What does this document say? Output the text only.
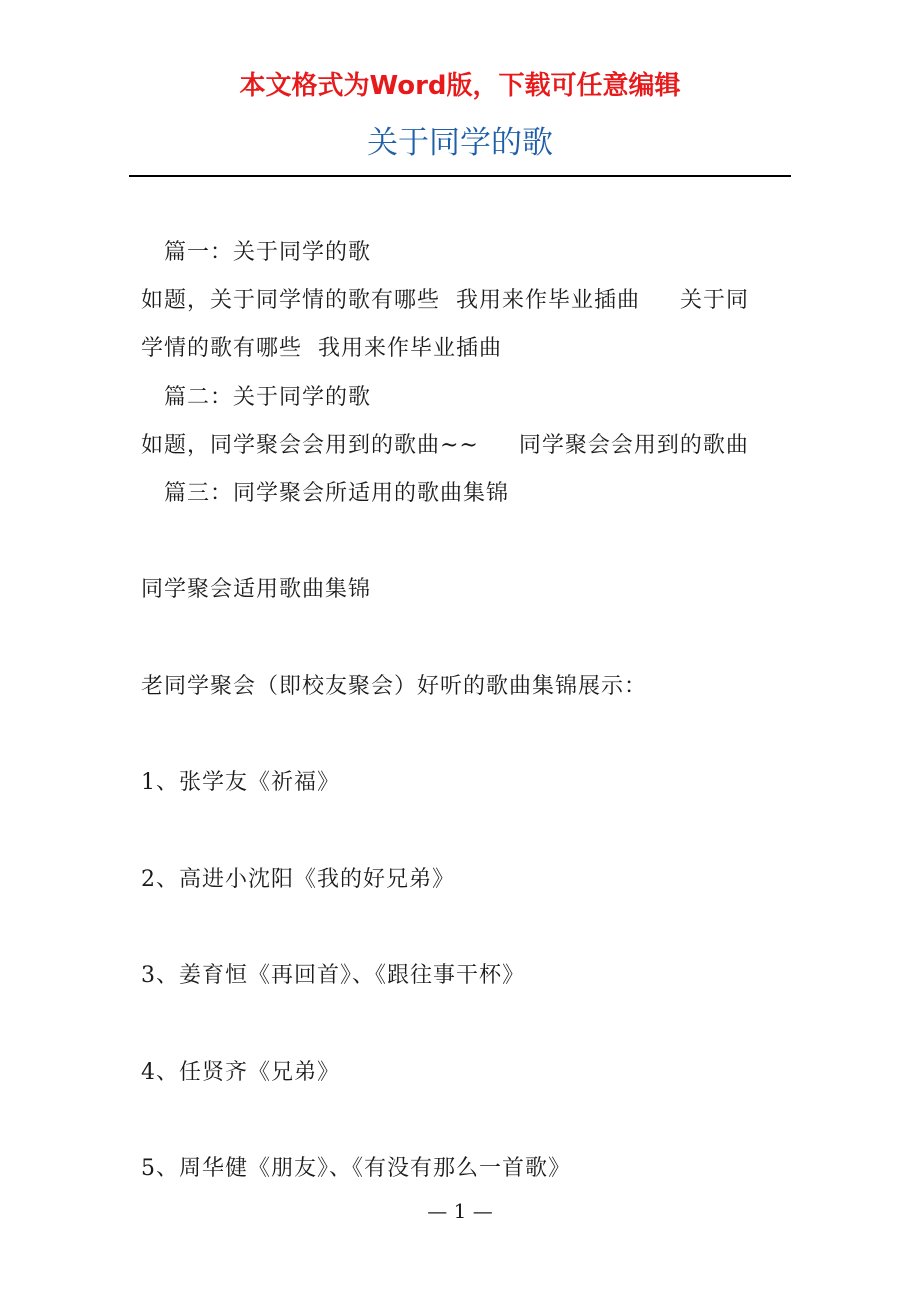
本文格式为Word版，下载可任意编辑
关于同学的歌
篇一：关于同学的歌
如题，关于同学情的歌有哪些  我用来作毕业插曲     关于同
学情的歌有哪些  我用来作毕业插曲
篇二：关于同学的歌
如题，同学聚会会用到的歌曲~~     同学聚会会用到的歌曲
篇三：同学聚会所适用的歌曲集锦
同学聚会适用歌曲集锦
老同学聚会（即校友聚会）好听的歌曲集锦展示：
1、张学友《祈福》
2、高进小沈阳《我的好兄弟》
3、姜育恒《再回首》、《跟往事干杯》
4、任贤齐《兄弟》
5、周华健《朋友》、《有没有那么一首歌》
— 1 —
